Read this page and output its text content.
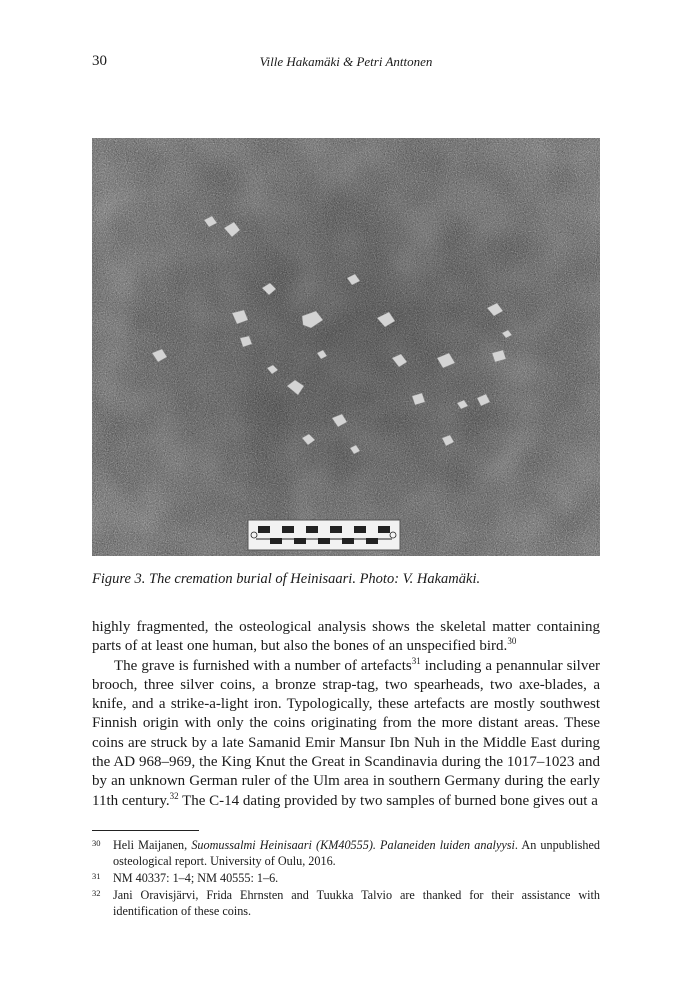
30	Ville Hakamäki & Petri Anttonen
Figure 3. The cremation burial of Heinisaari. Photo: V. Hakamäki.

highly fragmented, the osteological analysis shows the skeletal matter containing parts of at least one human, but also the bones of an unspecified bird.$^{30}$

The grave is furnished with a number of artefacts$^{31}$ including a penannular silver brooch, three silver coins, a bronze strap-tag, two spearheads, two axe-blades, a knife, and a strike-a-light iron. Typologically, these artefacts are mostly southwest Finnish origin with only the coins originating from the more distant areas. These coins are struck by a late Samanid Emir Mansur Ibn Nuh in the Middle East during the AD 968–969, the King Knut the Great in Scandinavia during the 1017–1023 and by an unknown German ruler of the Ulm area in southern Germany during the early 11th century.$^{32}$ The C-14 dating provided by two samples of burned bone gives out a

30	Heli Maijanen, Suomussalmi Heinisaari (KM40555). Palaneiden luiden analyysi. An unpublished osteological report. University of Oulu, 2016.
31	NM 40337: 1–4; NM 40555: 1–6.
32	Jani Oravisjärvi, Frida Ehrnsten and Tuukka Talvio are thanked for their assistance with identification of these coins.
